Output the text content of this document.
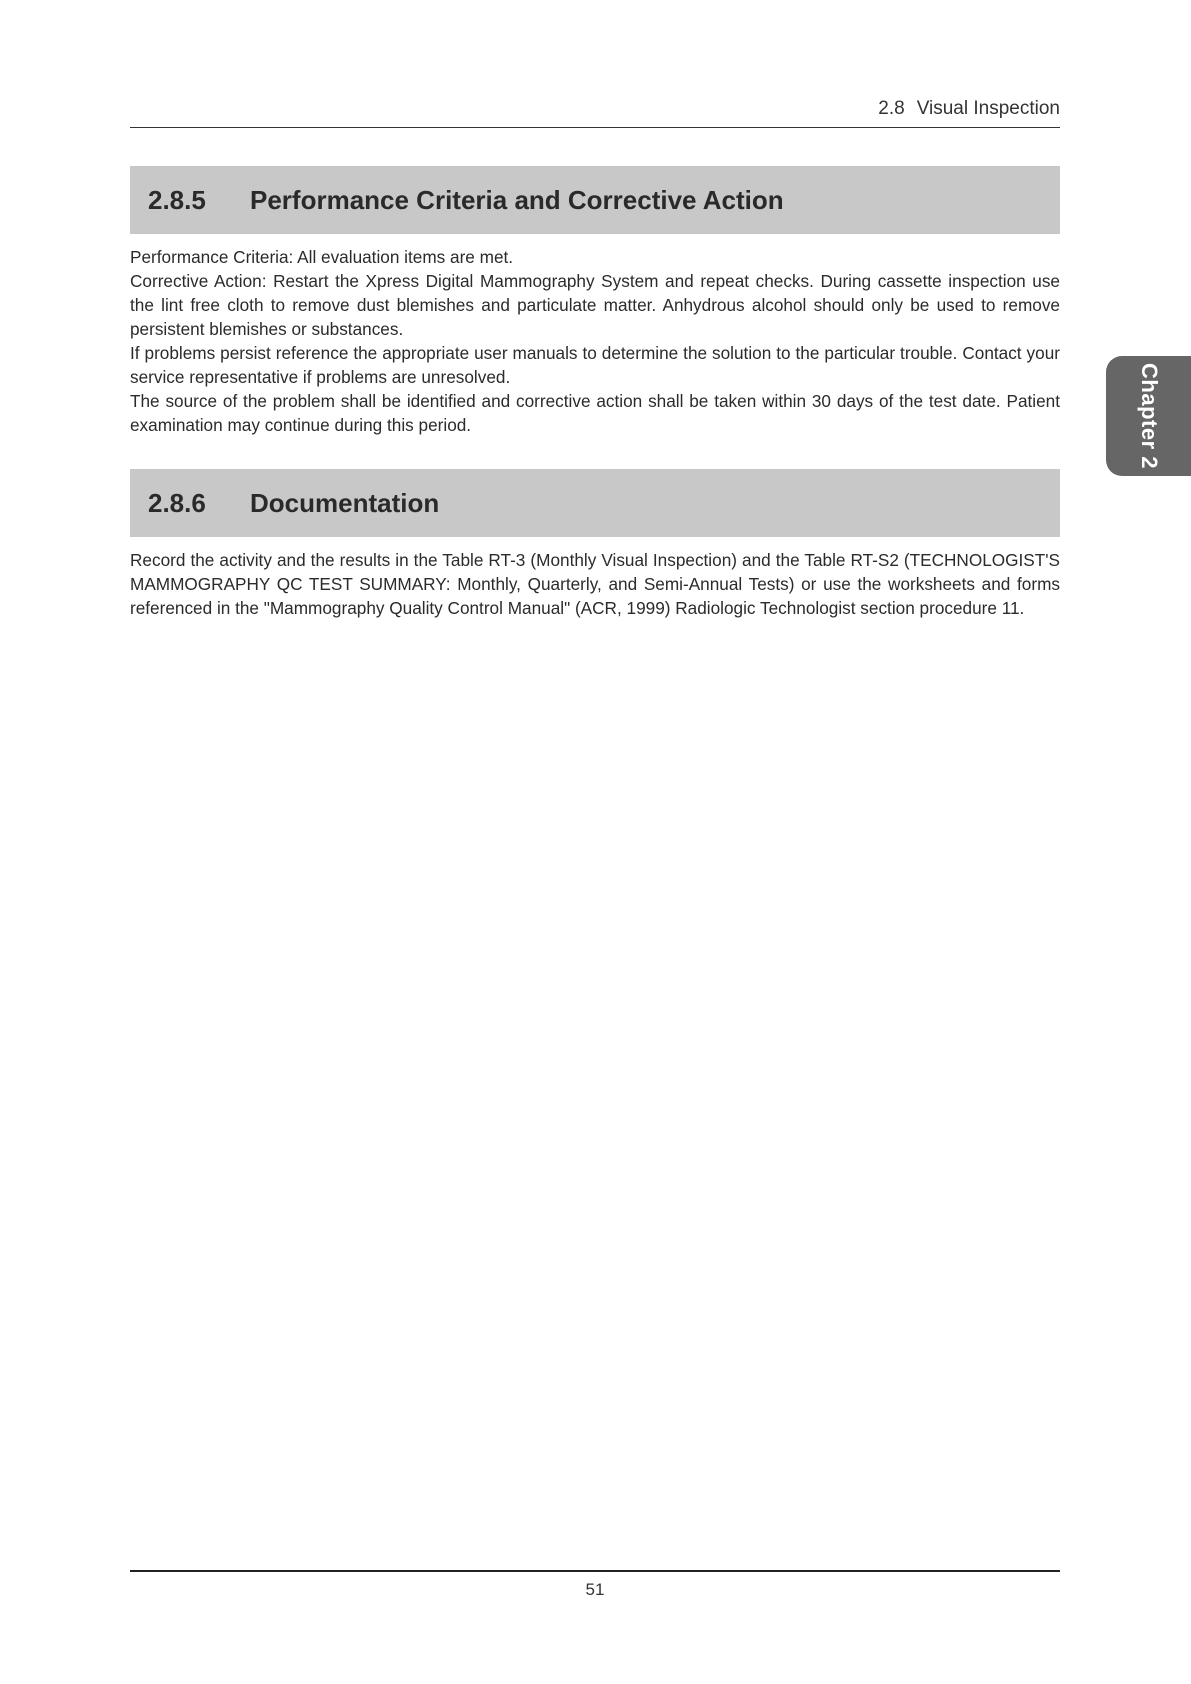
2.8 Visual Inspection
2.8.5	Performance Criteria and Corrective Action

Performance Criteria: All evaluation items are met.

Corrective Action: Restart the Xpress Digital Mammography System and repeat checks. During cassette inspection use the lint free cloth to remove dust blemishes and particulate matter. Anhydrous alcohol should only be used to remove persistent blemishes or substances.

If problems persist reference the appropriate user manuals to determine the solution to the particular trouble. Contact your service representative if problems are unresolved.

The source of the problem shall be identified and corrective action shall be taken within 30 days of the test date. Patient examination may continue during this period.

2.8.6	Documentation

Record the activity and the results in the Table RT-3 (Monthly Visual Inspection) and the Table RT-S2 (TECHNOLOGIST'S MAMMOGRAPHY QC TEST SUMMARY: Monthly, Quarterly, and Semi-Annual Tests) or use the worksheets and forms referenced in the "Mammography Quality Control Manual" (ACR, 1999) Radiologic Technologist section procedure 11.

Chapter 2
51
